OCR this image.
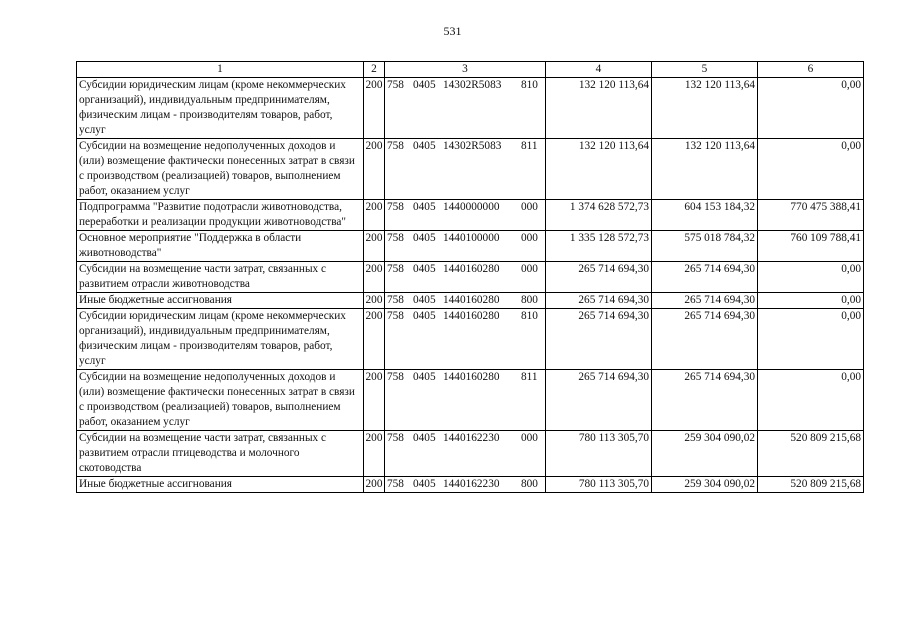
531
1	2	3	4	5	6
Субсидии юридическим лицам (кроме некоммерческих организаций), индивидуальным предпринимателям, физическим лицам - производителям товаров, работ, услуг	200	758 0405 14302R5083 810	132 120 113,64	132 120 113,64	0,00
Субсидии на возмещение недополученных доходов и (или) возмещение фактически понесенных затрат в связи с производством (реализацией) товаров, выполнением работ, оказанием услуг	200	758 0405 14302R5083 811	132 120 113,64	132 120 113,64	0,00
Подпрограмма "Развитие подотрасли животноводства, переработки и реализации продукции животноводства"	200	758 0405 1440000000 000	1 374 628 572,73	604 153 184,32	770 475 388,41
Основное мероприятие "Поддержка в области животноводства"	200	758 0405 1440100000 000	1 335 128 572,73	575 018 784,32	760 109 788,41
Субсидии на возмещение части затрат, связанных с развитием отрасли животноводства	200	758 0405 1440160280 000	265 714 694,30	265 714 694,30	0,00
Иные бюджетные ассигнования	200	758 0405 1440160280 800	265 714 694,30	265 714 694,30	0,00
Субсидии юридическим лицам (кроме некоммерческих организаций), индивидуальным предпринимателям, физическим лицам - производителям товаров, работ, услуг	200	758 0405 1440160280 810	265 714 694,30	265 714 694,30	0,00
Субсидии на возмещение недополученных доходов и (или) возмещение фактически понесенных затрат в связи с производством (реализацией) товаров, выполнением работ, оказанием услуг	200	758 0405 1440160280 811	265 714 694,30	265 714 694,30	0,00
Субсидии на возмещение части затрат, связанных с развитием отрасли птицеводства и молочного скотоводства	200	758 0405 1440162230 000	780 113 305,70	259 304 090,02	520 809 215,68
Иные бюджетные ассигнования	200	758 0405 1440162230 800	780 113 305,70	259 304 090,02	520 809 215,68
